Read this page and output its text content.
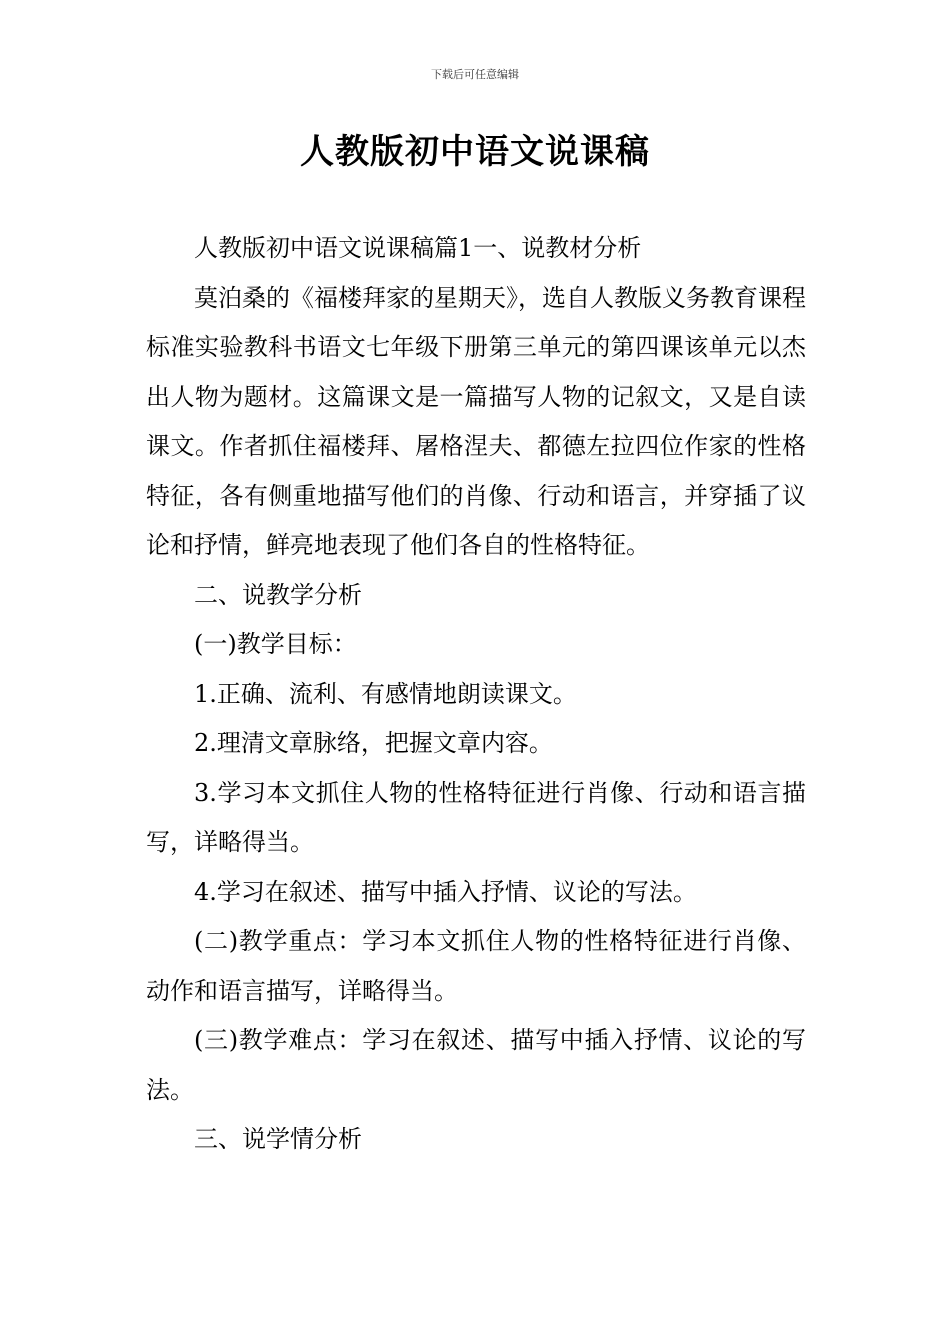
下载后可任意编辑
人教版初中语文说课稿

人教版初中语文说课稿篇1一、说教材分析

莫泊桑的《福楼拜家的星期天》，选自人教版义务教育课程标准实验教科书语文七年级下册第三单元的第四课该单元以杰出人物为题材。这篇课文是一篇描写人物的记叙文，又是自读课文。作者抓住福楼拜、屠格涅夫、都德左拉四位作家的性格特征，各有侧重地描写他们的肖像、行动和语言，并穿插了议论和抒情，鲜亮地表现了他们各自的性格特征。

二、说教学分析

(一)教学目标：

1.正确、流利、有感情地朗读课文。

2.理清文章脉络，把握文章内容。

3.学习本文抓住人物的性格特征进行肖像、行动和语言描写，详略得当。

4.学习在叙述、描写中插入抒情、议论的写法。

(二)教学重点：学习本文抓住人物的性格特征进行肖像、动作和语言描写，详略得当。

(三)教学难点：学习在叙述、描写中插入抒情、议论的写法。

三、说学情分析
